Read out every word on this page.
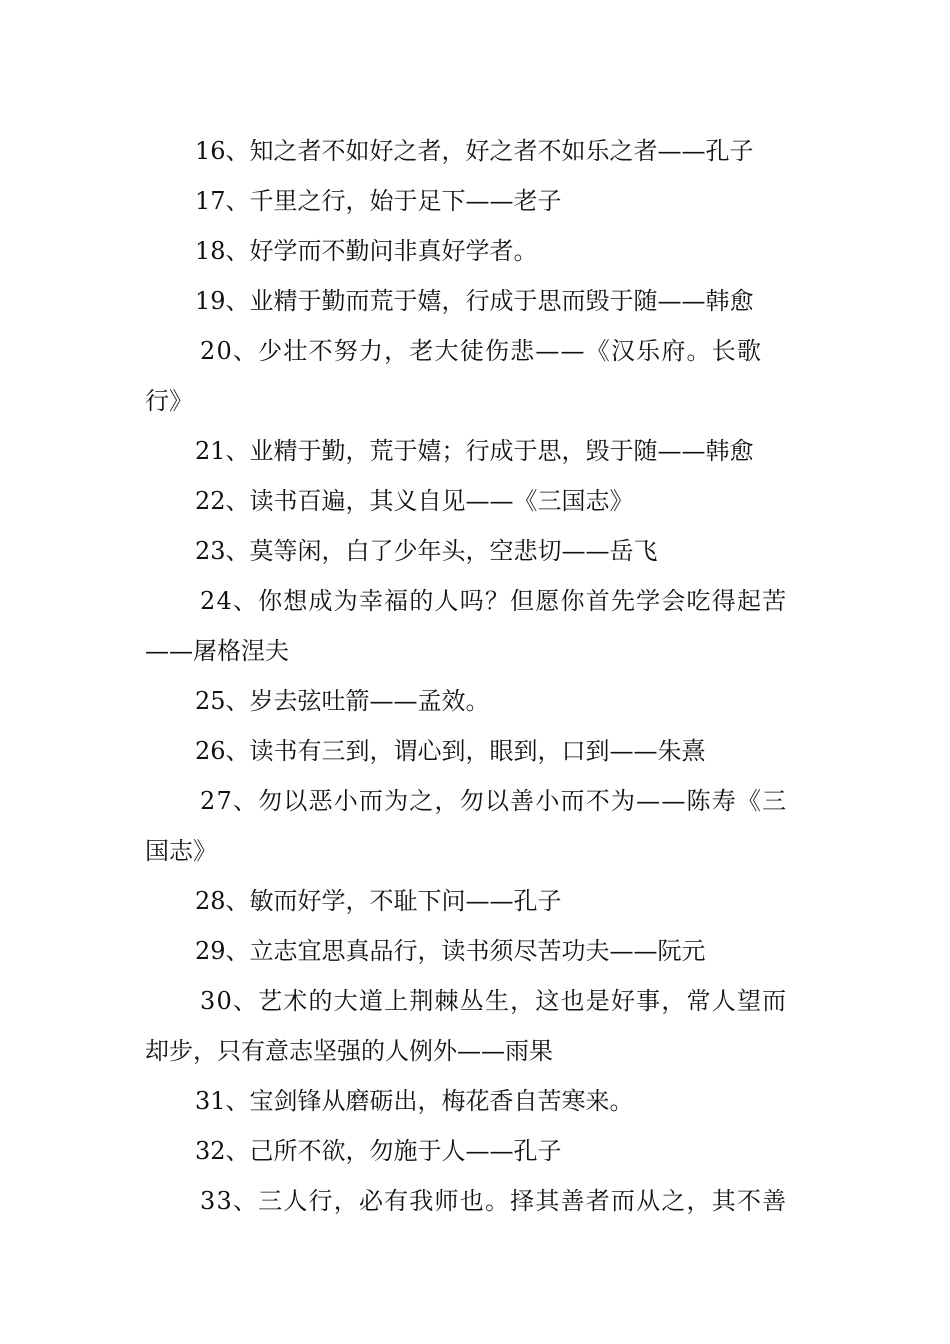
16、知之者不如好之者，好之者不如乐之者——孔子
17、千里之行，始于足下——老子
18、好学而不勤问非真好学者。
19、业精于勤而荒于嬉，行成于思而毁于随——韩愈
20、少壮不努力，老大徒伤悲——《汉乐府。长歌
行》
21、业精于勤，荒于嬉；行成于思，毁于随——韩愈
22、读书百遍，其义自见——《三国志》
23、莫等闲，白了少年头，空悲切——岳飞
24、你想成为幸福的人吗？但愿你首先学会吃得起苦
——屠格涅夫
25、岁去弦吐箭——孟效。
26、读书有三到，谓心到，眼到，口到——朱熹
27、勿以恶小而为之，勿以善小而不为——陈寿《三
国志》
28、敏而好学，不耻下问——孔子
29、立志宜思真品行，读书须尽苦功夫——阮元
30、艺术的大道上荆棘丛生，这也是好事，常人望而
却步，只有意志坚强的人例外——雨果
31、宝剑锋从磨砺出，梅花香自苦寒来。
32、己所不欲，勿施于人——孔子
33、三人行，必有我师也。择其善者而从之，其不善
